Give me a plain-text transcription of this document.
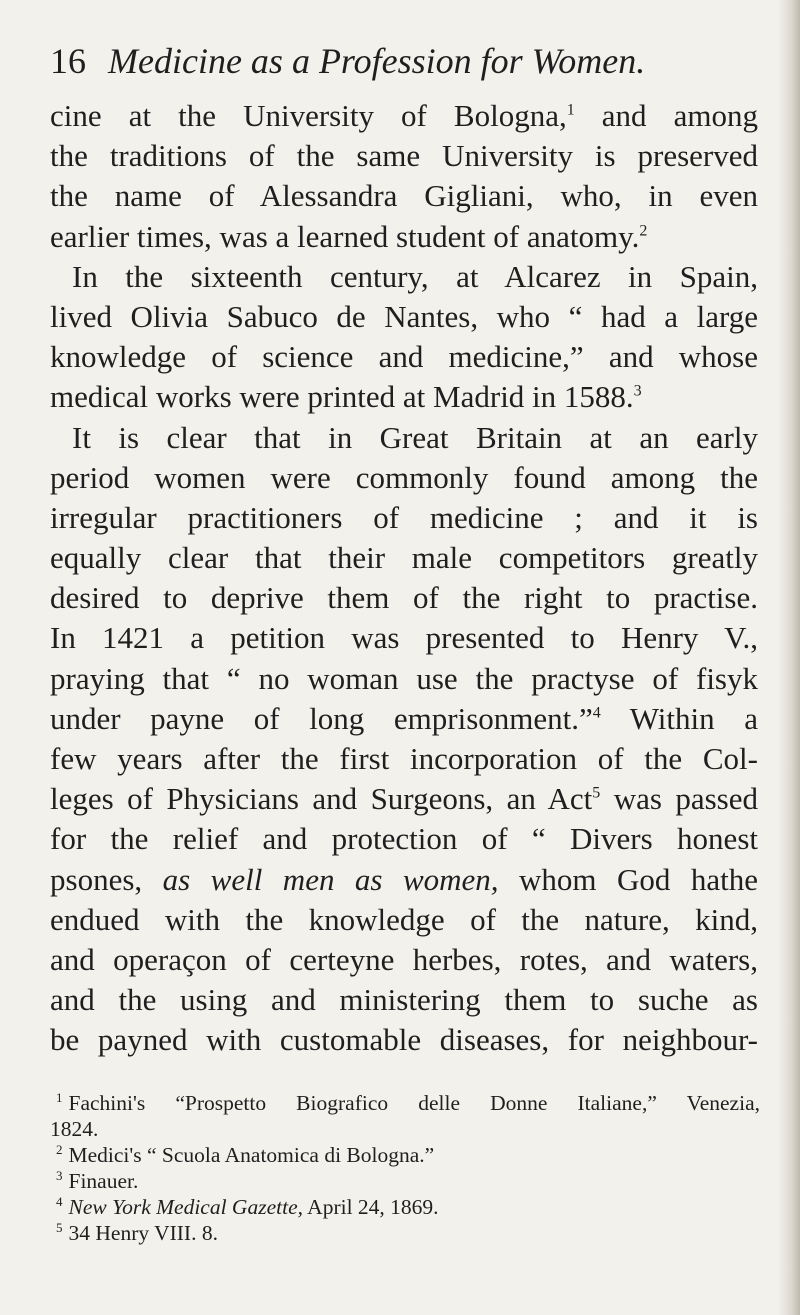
16 Medicine as a Profession for Women.
cine at the University of Bologna,$^1$ and among
the traditions of the same University is preserved
the name of Alessandra Gigliani, who, in even
earlier times, was a learned student of anatomy.$^2$
In the sixteenth century, at Alcarez in Spain,
lived Olivia Sabuco de Nantes, who “ had a large
knowledge of science and medicine,” and whose
medical works were printed at Madrid in 1588.$^3$
It is clear that in Great Britain at an early
period women were commonly found among the
irregular practitioners of medicine ; and it is
equally clear that their male competitors greatly
desired to deprive them of the right to practise.
In 1421 a petition was presented to Henry V.,
praying that “ no woman use the practyse of fisyk
under payne of long emprisonment.”$^4$ Within a
few years after the first incorporation of the Col-
leges of Physicians and Surgeons, an Act$^5$ was passed
for the relief and protection of “ Divers honest
psones, as well men as women, whom God hathe
endued with the knowledge of the nature, kind,
and operaçon of certeyne herbes, rotes, and waters,
and the using and ministering them to suche as
be payned with customable diseases, for neighbour-
$^1$ Fachini's “Prospetto Biografico delle Donne Italiane,” Venezia,
1824.
$^2$ Medici's “ Scuola Anatomica di Bologna.”
$^3$ Finauer.
$^4$ New York Medical Gazette, April 24, 1869.
$^5$ 34 Henry VIII. 8.
